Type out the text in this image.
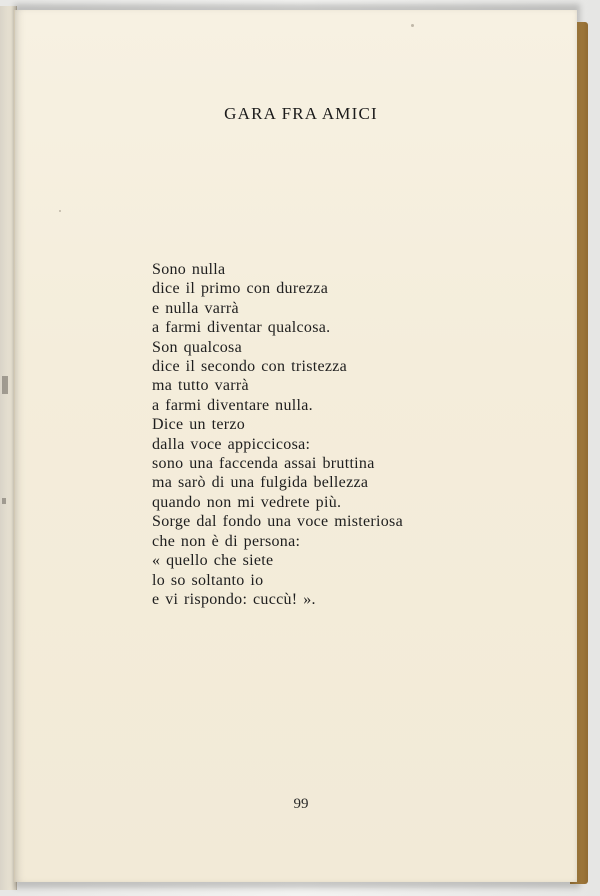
GARA FRA AMICI
Sono nulla
dice il primo con durezza
e nulla varrà
a farmi diventar qualcosa.
Son qualcosa
dice il secondo con tristezza
ma tutto varrà
a farmi diventare nulla.
Dice un terzo
dalla voce appiccicosa:
sono una faccenda assai bruttina
ma sarò di una fulgida bellezza
quando non mi vedrete più.
Sorge dal fondo una voce misteriosa
che non è di persona:
« quello che siete
lo so soltanto io
e vi rispondo: cuccù! ».
99
